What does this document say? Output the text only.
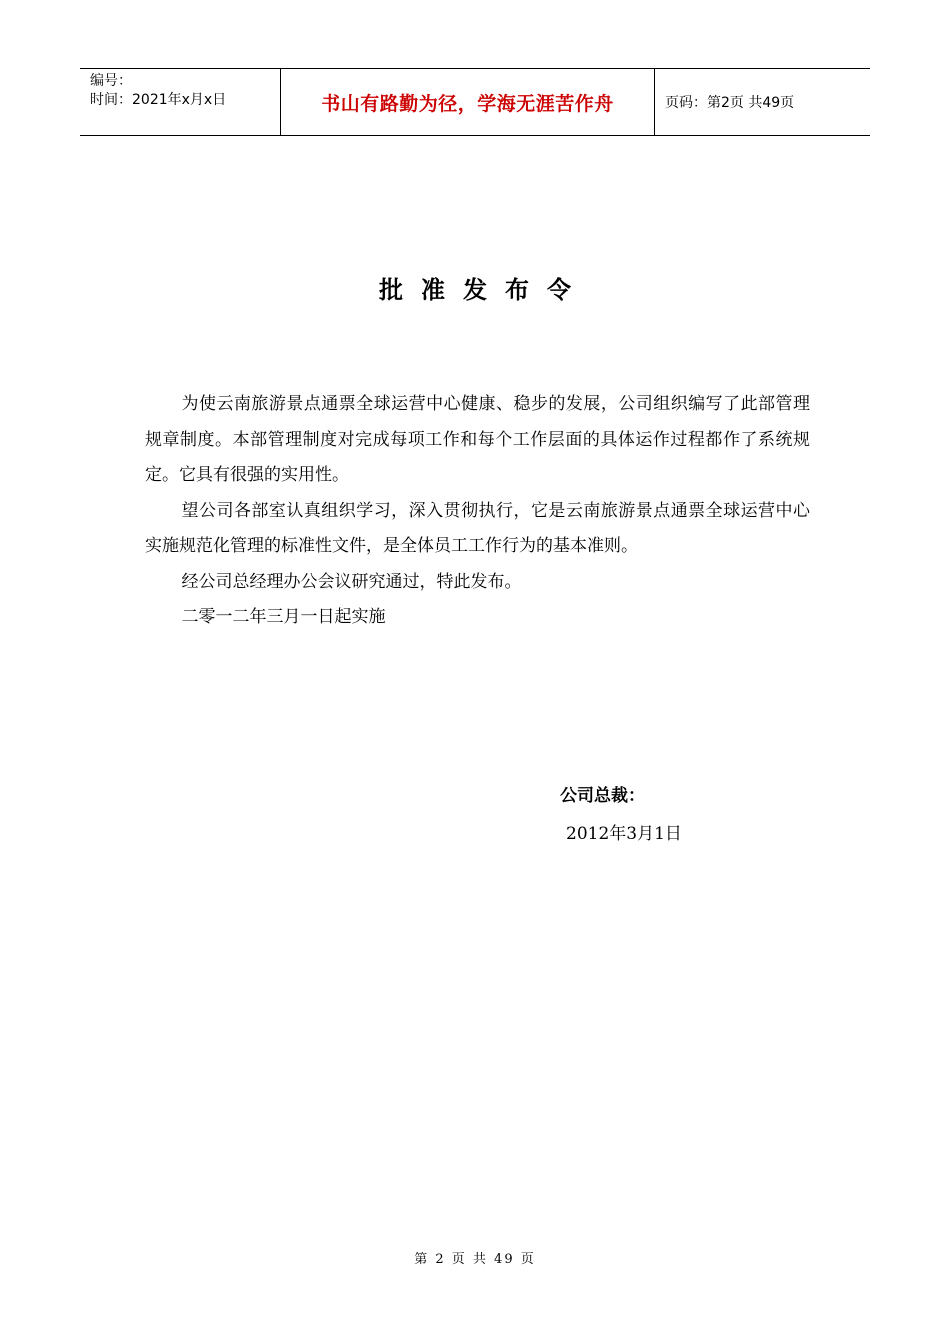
编号：
时间：2021年x月x日	书山有路勤为径，学海无涯苦作舟	页码：第2页 共49页
批准发布令

为使云南旅游景点通票全球运营中心健康、稳步的发展，公司组织编写了此部管理规章制度。本部管理制度对完成每项工作和每个工作层面的具体运作过程都作了系统规定。它具有很强的实用性。

望公司各部室认真组织学习，深入贯彻执行，它是云南旅游景点通票全球运营中心实施规范化管理的标准性文件，是全体员工工作行为的基本准则。

经公司总经理办公会议研究通过，特此发布。

二零一二年三月一日起实施

公司总裁：
2012年3月1日
第 2 页 共 49 页
